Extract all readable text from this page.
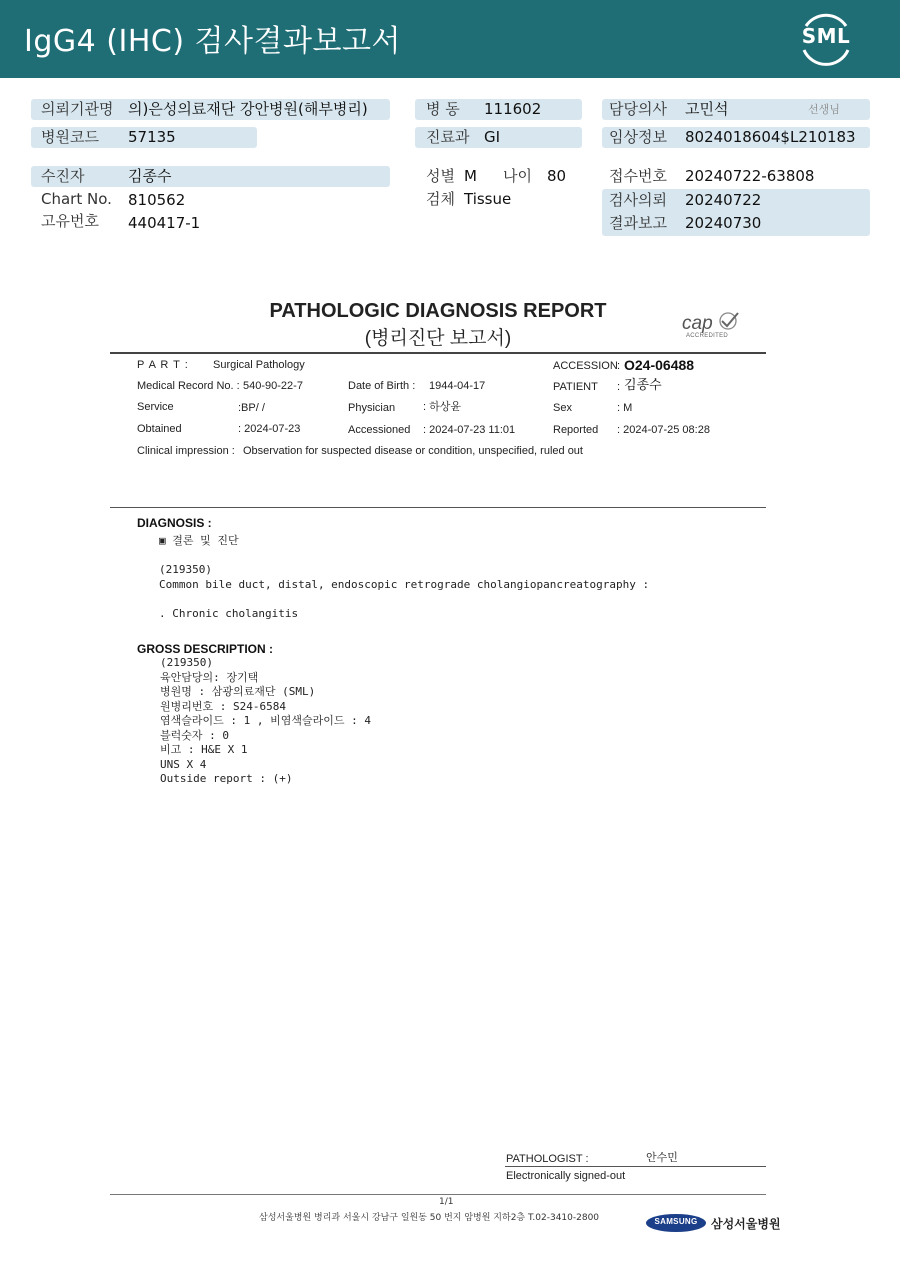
IgG4 (IHC) 검사결과보고서	SML
의뢰기관명 의)은성의료재단 강안병원(해부병리)
병원코드 57135
수진자	김종수
Chart No. 810562
고유번호 440417-1
병 동 111602
진료과 GI
성별 M 나이 80
검체 Tissue
담당의사 고민석	선생님
임상정보 8024018604$L210183
접수번호 20240722-63808
검사의뢰 20240722
결과보고 20240730
PATHOLOGIC DIAGNOSIS REPORT
(병리진단 보고서)
cap
ACCREDITED
P A R T : Surgical Pathology	ACCESSION : O24-06488
Medical Record No. : 540-90-22-7	Date of Birth : 1944-04-17	PATIENT : 김종수
Service	:BP/ /	Physician	: 하상윤	Sex	: M
Obtained	: 2024-07-23	Accessioned : 2024-07-23 11:01	Reported : 2024-07-25 08:28
Clinical impression : Observation for suspected disease or condition, unspecified, ruled out
DIAGNOSIS :
▣ 결론 및 진단
(219350)
Common bile duct, distal, endoscopic retrograde cholangiopancreatography :
. Chronic cholangitis
GROSS DESCRIPTION :
(219350)
육안담당의: 장기택
병원명 : 삼광의료재단 (SML)
원병리번호 : S24-6584
염색슬라이드 : 1 , 비염색슬라이드 : 4
블럭숫자 : 0
비고 : H&E X 1
UNS X 4
Outside report : (+)
PATHOLOGIST :	안수민
Electronically signed-out
1/1
삼성서울병원 병리과 서울시 강남구 일원동 50 번지 암병원 지하2층 T.02-3410-2800	SAMSUNG	삼성서울병원
